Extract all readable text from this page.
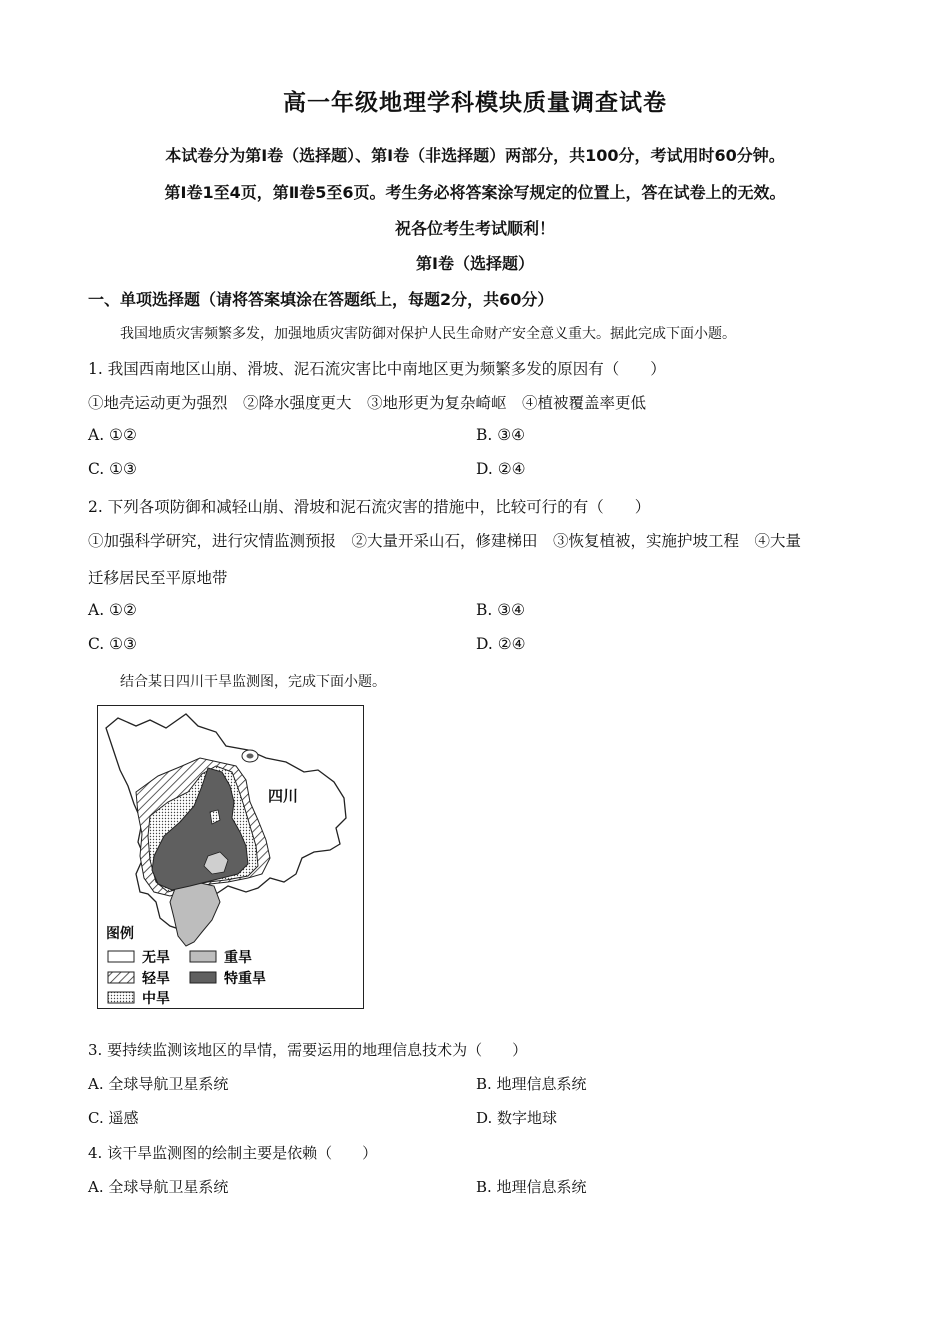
高一年级地理学科模块质量调查试卷
本试卷分为第Ⅰ卷（选择题）、第Ⅰ卷（非选择题）两部分，共100分，考试用时60分钟。
第Ⅰ卷1至4页，第Ⅱ卷5至6页。考生务必将答案涂写规定的位置上，答在试卷上的无效。
祝各位考生考试顺利！
第Ⅰ卷（选择题）
一、单项选择题（请将答案填涂在答题纸上，每题2分，共60分）
我国地质灾害频繁多发，加强地质灾害防御对保护人民生命财产安全意义重大。据此完成下面小题。
1. 我国西南地区山崩、滑坡、泥石流灾害比中南地区更为频繁多发的原因有（　　）
①地壳运动更为强烈　②降水强度更大　③地形更为复杂崎岖　④植被覆盖率更低
A. ①②	B. ③④
C. ①③	D. ②④
2. 下列各项防御和减轻山崩、滑坡和泥石流灾害的措施中，比较可行的有（　　）
①加强科学研究，进行灾情监测预报　②大量开采山石，修建梯田　③恢复植被，实施护坡工程　④大量
迁移居民至平原地带
A. ①②	B. ③④
C. ①③	D. ②④
结合某日四川干旱监测图，完成下面小题。
四川
图例
无旱	重旱
轻旱	特重旱
中旱
3. 要持续监测该地区的旱情，需要运用的地理信息技术为（　　）
A. 全球导航卫星系统	B. 地理信息系统
C. 遥感	D. 数字地球
4. 该干旱监测图的绘制主要是依赖（　　）
A. 全球导航卫星系统	B. 地理信息系统
